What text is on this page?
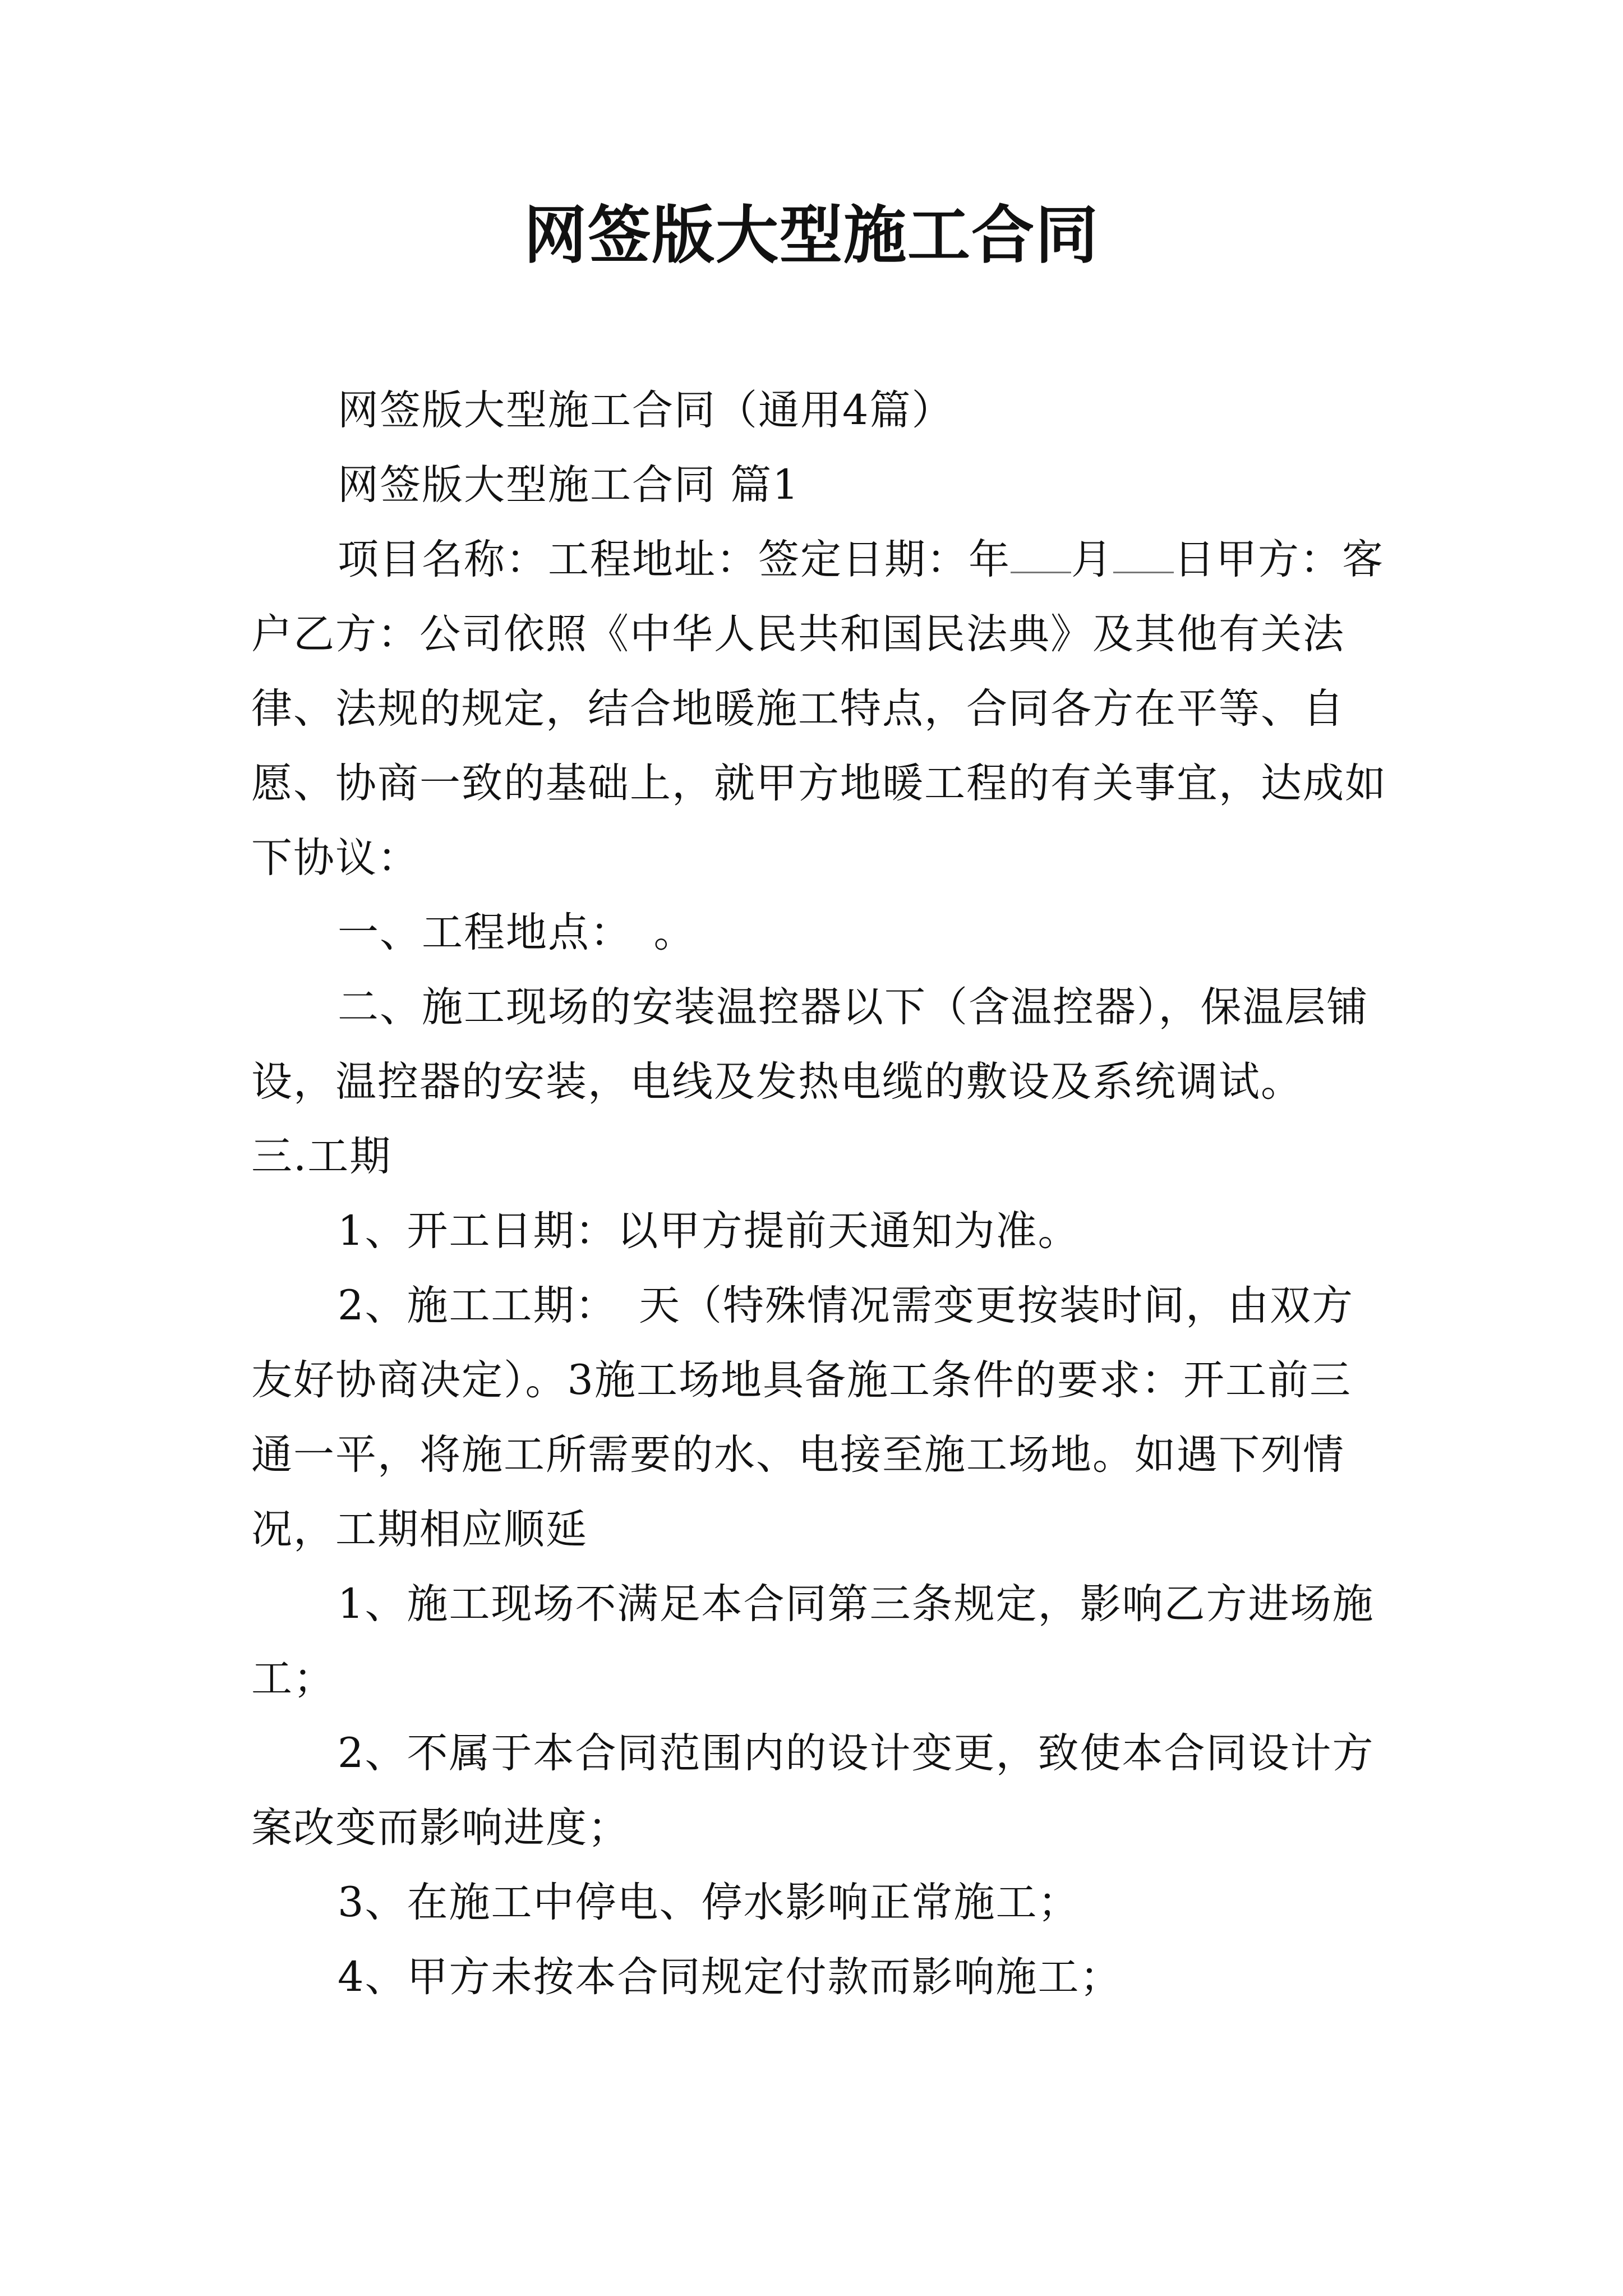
网签版大型施工合同

网签版大型施工合同（通用4篇）

网签版大型施工合同 篇1

项目名称：工程地址：签定日期：年 月 日甲方：客户乙方：公司依照《中华人民共和国民法典》及其他有关法律、法规的规定，结合地暖施工特点，合同各方在平等、自愿、协商一致的基础上，就甲方地暖工程的有关事宜，达成如下协议：

一、工程地点：　。

二、施工现场的安装温控器以下（含温控器），保温层铺设，温控器的安装，电线及发热电缆的敷设及系统调试。

三.工期

1、开工日期：以甲方提前天通知为准。

2、施工工期：　天（特殊情况需变更按装时间，由双方友好协商决定）。3施工场地具备施工条件的要求：开工前三通一平，将施工所需要的水、电接至施工场地。如遇下列情况，工期相应顺延

1、施工现场不满足本合同第三条规定，影响乙方进场施工；

2、不属于本合同范围内的设计变更，致使本合同设计方案改变而影响进度；

3、在施工中停电、停水影响正常施工；

4、甲方未按本合同规定付款而影响施工；
